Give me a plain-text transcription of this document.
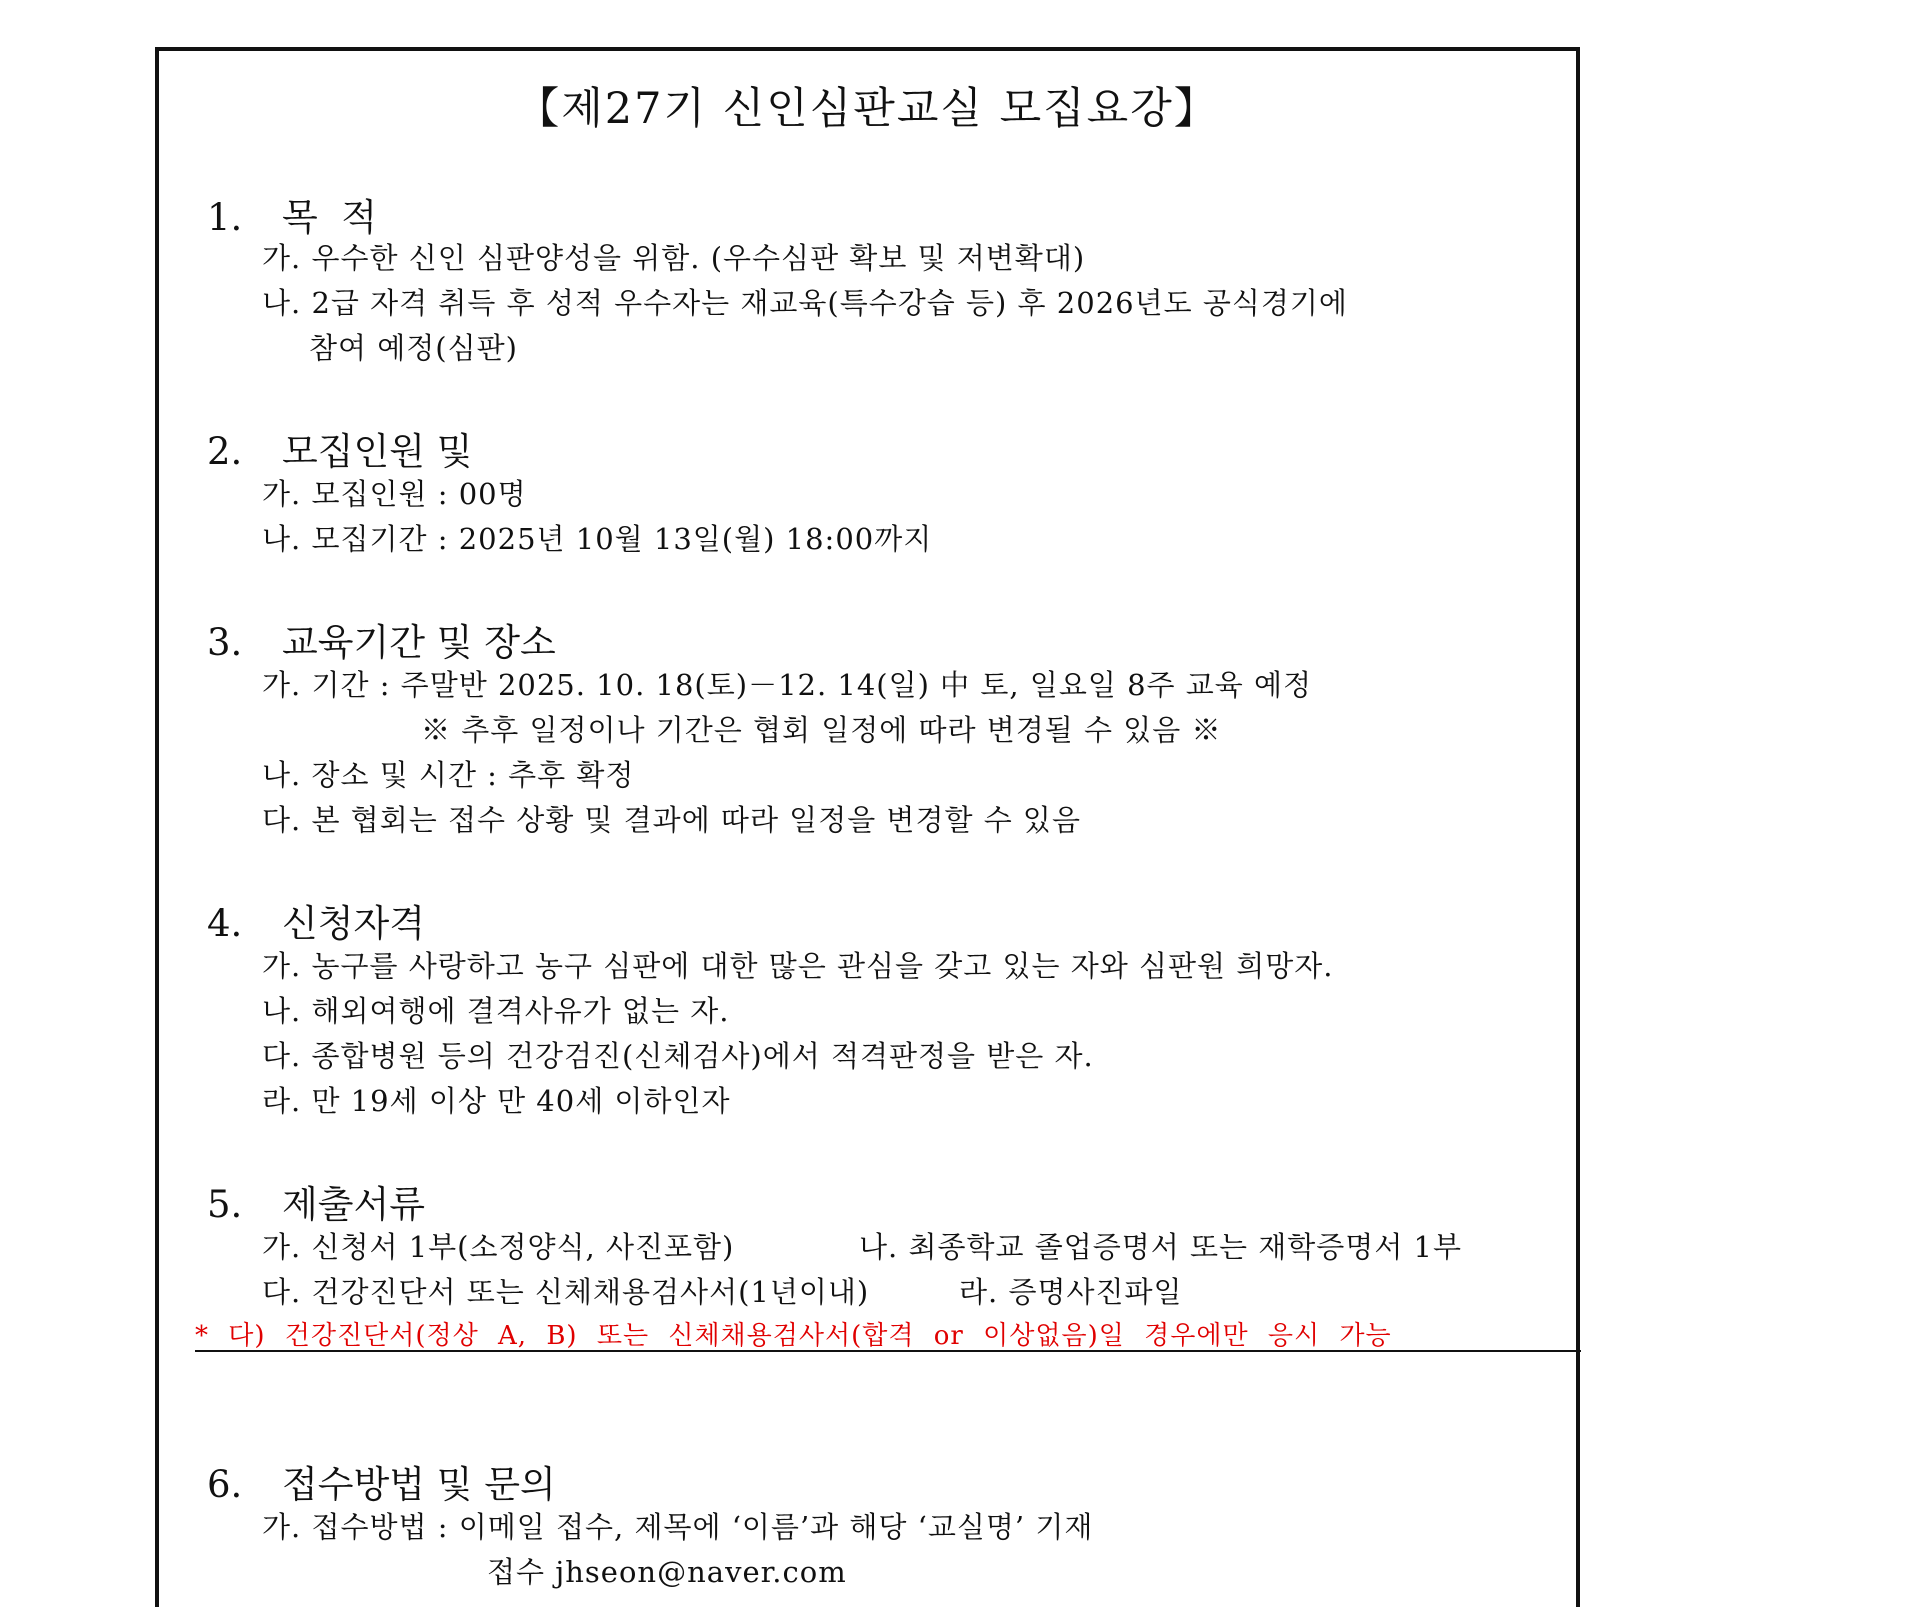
【제27기 신인심판교실 모집요강】
1. 목  적
가. 우수한 신인 심판양성을 위함. (우수심판 확보 및 저변확대)
나. 2급 자격 취득 후 성적 우수자는 재교육(특수강습 등) 후 2026년도 공식경기에
참여 예정(심판)
2. 모집인원 및
가. 모집인원 : 00명
나. 모집기간 : 2025년 10월 13일(월) 18:00까지
3. 교육기간 및 장소
가. 기간 : 주말반 2025. 10. 18(토)－12. 14(일) 中 토, 일요일 8주 교육 예정
※ 추후 일정이나 기간은 협회 일정에 따라 변경될 수 있음 ※
나. 장소 및 시간 : 추후 확정
다. 본 협회는 접수 상황 및 결과에 따라 일정을 변경할 수 있음
4. 신청자격
가. 농구를 사랑하고 농구 심판에 대한 많은 관심을 갖고 있는 자와 심판원 희망자.
나. 해외여행에 결격사유가 없는 자.
다. 종합병원 등의 건강검진(신체검사)에서 적격판정을 받은 자.
라. 만 19세 이상 만 40세 이하인자
5. 제출서류
가. 신청서 1부(소정양식, 사진포함)	나. 최종학교 졸업증명서 또는 재학증명서 1부
다. 건강진단서 또는 신체채용검사서(1년이내)	라. 증명사진파일
* 다) 건강진단서(정상 A, B) 또는 신체채용검사서(합격 or 이상없음)일 경우에만 응시 가능
6. 접수방법 및 문의
가. 접수방법 : 이메일 접수, 제목에 ‘이름’과 해당 ‘교실명’ 기재
접수 jhseon@naver.com
